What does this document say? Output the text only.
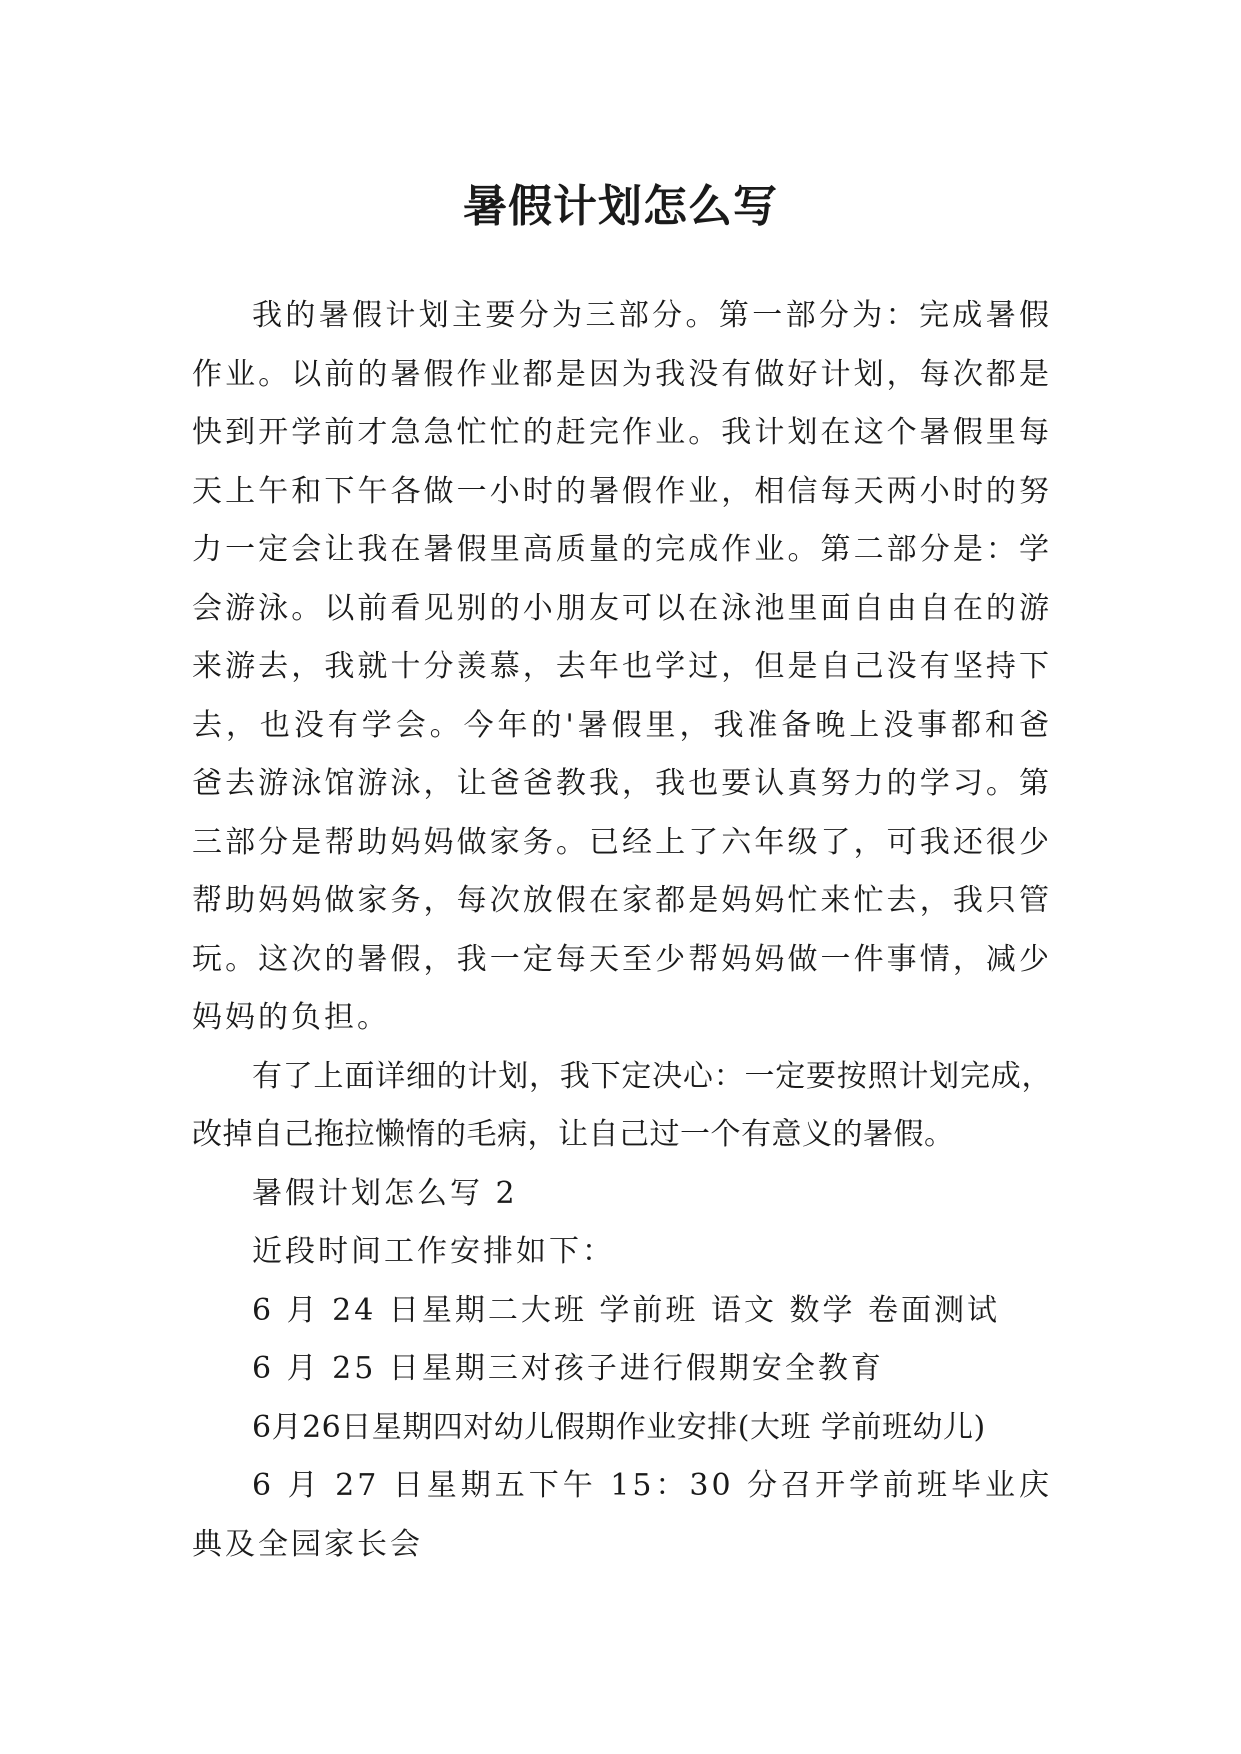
暑假计划怎么写

我的暑假计划主要分为三部分。第一部分为：完成暑假作业。以前的暑假作业都是因为我没有做好计划，每次都是快到开学前才急急忙忙的赶完作业。我计划在这个暑假里每天上午和下午各做一小时的暑假作业，相信每天两小时的努力一定会让我在暑假里高质量的完成作业。第二部分是：学会游泳。以前看见别的小朋友可以在泳池里面自由自在的游来游去，我就十分羡慕，去年也学过，但是自己没有坚持下去，也没有学会。今年的'暑假里，我准备晚上没事都和爸爸去游泳馆游泳，让爸爸教我，我也要认真努力的学习。第三部分是帮助妈妈做家务。已经上了六年级了，可我还很少帮助妈妈做家务，每次放假在家都是妈妈忙来忙去，我只管玩。这次的暑假，我一定每天至少帮妈妈做一件事情，减少妈妈的负担。

有了上面详细的计划，我下定决心：一定要按照计划完成，改掉自己拖拉懒惰的毛病，让自己过一个有意义的暑假。

暑假计划怎么写 2

近段时间工作安排如下：

6 月 24 日星期二大班 学前班 语文 数学 卷面测试

6 月 25 日星期三对孩子进行假期安全教育

6月26日星期四对幼儿假期作业安排(大班 学前班幼儿)

6 月 27 日星期五下午 15：30 分召开学前班毕业庆典及全园家长会
